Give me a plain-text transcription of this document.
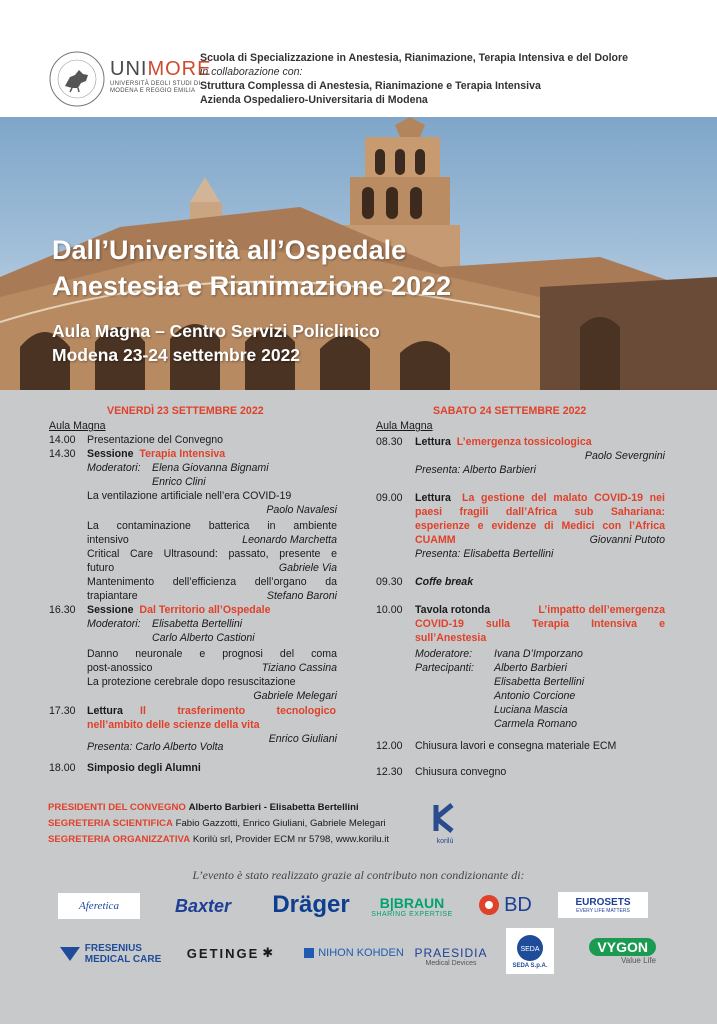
UNIMORE
UNIVERSITÀ DEGLI STUDI DI
MODENA E REGGIO EMILIA
Scuola di Specializzazione in Anestesia, Rianimazione, Terapia Intensiva e del Dolore
in collaborazione con:
Struttura Complessa di Anestesia, Rianimazione e Terapia Intensiva
Azienda Ospedaliero-Universitaria di Modena
Dall’Università all’Ospedale
Anestesia e Rianimazione 2022
Aula Magna – Centro Servizi Policlinico
Modena 23-24 settembre 2022
VENERDÌ 23 SETTEMBRE 2022
Aula Magna
14.00 Presentazione del Convegno
14.30 Sessione Terapia Intensiva
Moderatori: Elena Giovanna Bignami
Enrico Clini
La ventilazione artificiale nell’era COVID-19
Paolo Navalesi
La contaminazione batterica in ambiente
intensivo	Leonardo Marchetta
Critical Care Ultrasound: passato, presente e
futuro	Gabriele Via
Mantenimento dell’efficienza dell’organo da
trapiantare	Stefano Baroni
16.30 Sessione Dal Territorio all’Ospedale
Moderatori: Elisabetta Bertellini
Carlo Alberto Castioni
Danno neuronale e prognosi del coma
post-anossico	Tiziano Cassina
La protezione cerebrale dopo resuscitazione
Gabriele Melegari
17.30 Lettura Il trasferimento tecnologico
nell’ambito delle scienze della vita
Enrico Giuliani
Presenta: Carlo Alberto Volta
18.00 Simposio degli Alumni
SABATO 24 SETTEMBRE 2022
Aula Magna
08.30 Lettura L’emergenza tossicologica
Paolo Severgnini
Presenta: Alberto Barbieri
09.00 Lettura La gestione del malato COVID-19 nei
paesi fragili dall’Africa sub Sahariana:
esperienze e evidenze di Medici con l’Africa
CUAMM	Giovanni Putoto
Presenta: Elisabetta Bertellini
09.30 Coffe break
10.00 Tavola rotonda	L’impatto dell’emergenza
COVID-19 sulla Terapia Intensiva e
sull’Anestesia
Moderatore: Ivana D’Imporzano
Partecipanti: Alberto Barbieri
Elisabetta Bertellini
Antonio Corcione
Luciana Mascia
Carmela Romano
12.00 Chiusura lavori e consegna materiale ECM
12.30 Chiusura convegno
PRESIDENTI DEL CONVEGNO Alberto Barbieri - Elisabetta Bertellini
SEGRETERIA SCIENTIFICA Fabio Gazzotti, Enrico Giuliani, Gabriele Melegari
SEGRETERIA ORGANIZZATIVA Korilù srl, Provider ECM nr 5798, www.korilu.it	korilù
L’evento è stato realizzato grazie al contributo non condizionante di:
Aferetica	Baxter Dräger B|BRAUN
SHARING EXPERTISE	BD	EUROSETS
EVERY LIFE MATTERS
FRESENIUS
MEDICAL CARE GETINGE ✱	NIHON KOHDEN PRAESIDIA
Medical Devices
SEDA
SEDA S.p.A.
VYGON
Value Life
